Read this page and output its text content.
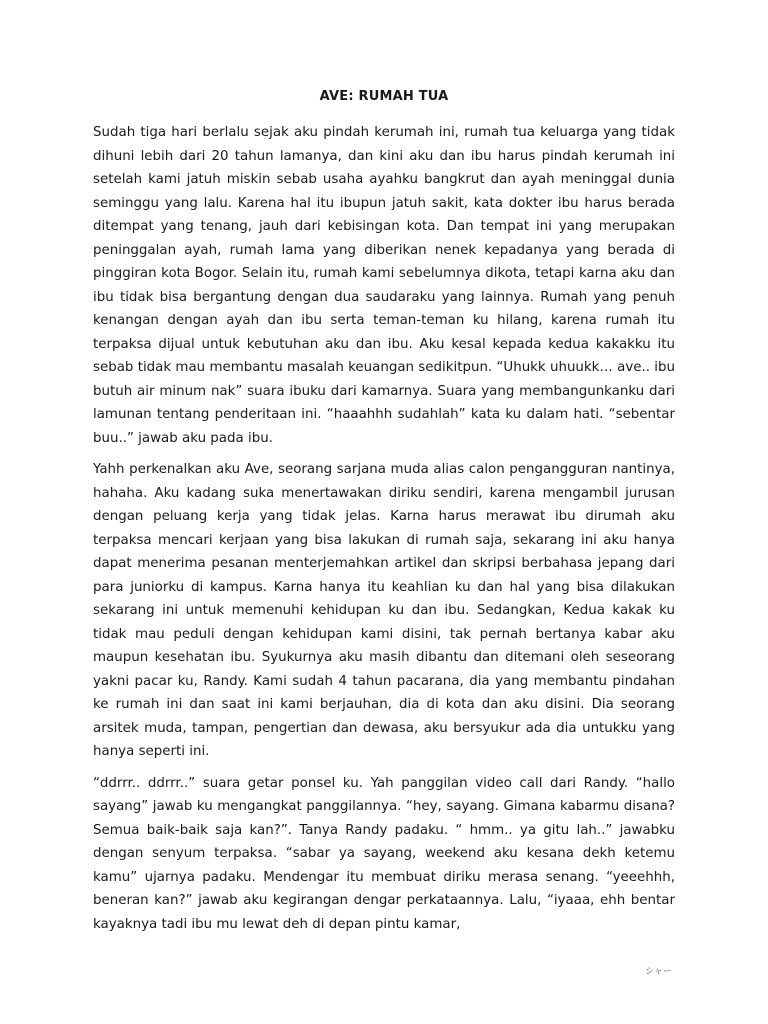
AVE: RUMAH TUA

Sudah tiga hari berlalu sejak aku pindah kerumah ini, rumah tua keluarga yang tidak dihuni lebih dari 20 tahun lamanya, dan kini aku dan ibu harus pindah kerumah ini setelah kami jatuh miskin sebab usaha ayahku bangkrut dan ayah meninggal dunia seminggu yang lalu. Karena hal itu ibupun jatuh sakit, kata dokter ibu harus berada ditempat yang tenang, jauh dari kebisingan kota. Dan tempat ini yang merupakan peninggalan ayah, rumah lama yang diberikan nenek kepadanya yang berada di pinggiran kota Bogor. Selain itu, rumah kami sebelumnya dikota, tetapi karna aku dan ibu tidak bisa bergantung dengan dua saudaraku yang lainnya. Rumah yang penuh kenangan dengan ayah dan ibu serta teman-teman ku hilang, karena rumah itu terpaksa dijual untuk kebutuhan aku dan ibu. Aku kesal kepada kedua kakakku itu sebab tidak mau membantu masalah keuangan sedikitpun. “Uhukk uhuukk… ave.. ibu butuh air minum nak” suara ibuku dari kamarnya. Suara yang membangunkanku dari lamunan tentang penderitaan ini. “haaahhh sudahlah” kata ku dalam hati. “sebentar buu..” jawab aku pada ibu.

Yahh perkenalkan aku Ave, seorang sarjana muda alias calon pengangguran nantinya, hahaha. Aku kadang suka menertawakan diriku sendiri, karena mengambil jurusan dengan peluang kerja yang tidak jelas. Karna harus merawat ibu dirumah aku terpaksa mencari kerjaan yang bisa lakukan di rumah saja, sekarang ini aku hanya dapat menerima pesanan menterjemahkan artikel dan skripsi berbahasa jepang dari para juniorku di kampus. Karna hanya itu keahlian ku dan hal yang bisa dilakukan sekarang ini untuk memenuhi kehidupan ku dan ibu. Sedangkan, Kedua kakak ku tidak mau peduli dengan kehidupan kami disini, tak pernah bertanya kabar aku maupun kesehatan ibu. Syukurnya aku masih dibantu dan ditemani oleh seseorang yakni pacar ku, Randy. Kami sudah 4 tahun pacarana, dia yang membantu pindahan ke rumah ini dan saat ini kami berjauhan, dia di kota dan aku disini. Dia seorang arsitek muda, tampan, pengertian dan dewasa, aku bersyukur ada dia untukku yang hanya seperti ini.

“ddrrr.. ddrrr..” suara getar ponsel ku. Yah panggilan video call dari Randy. “hallo sayang” jawab ku mengangkat panggilannya. “hey, sayang. Gimana kabarmu disana? Semua baik-baik saja kan?”. Tanya Randy padaku. “ hmm.. ya gitu lah..” jawabku dengan senyum terpaksa. “sabar ya sayang, weekend aku kesana dekh ketemu kamu” ujarnya padaku. Mendengar itu membuat diriku merasa senang. “yeeehhh, beneran kan?” jawab aku kegirangan dengar perkataannya. Lalu, “iyaaa, ehh bentar kayaknya tadi ibu mu lewat deh di depan pintu kamar,

シャー
